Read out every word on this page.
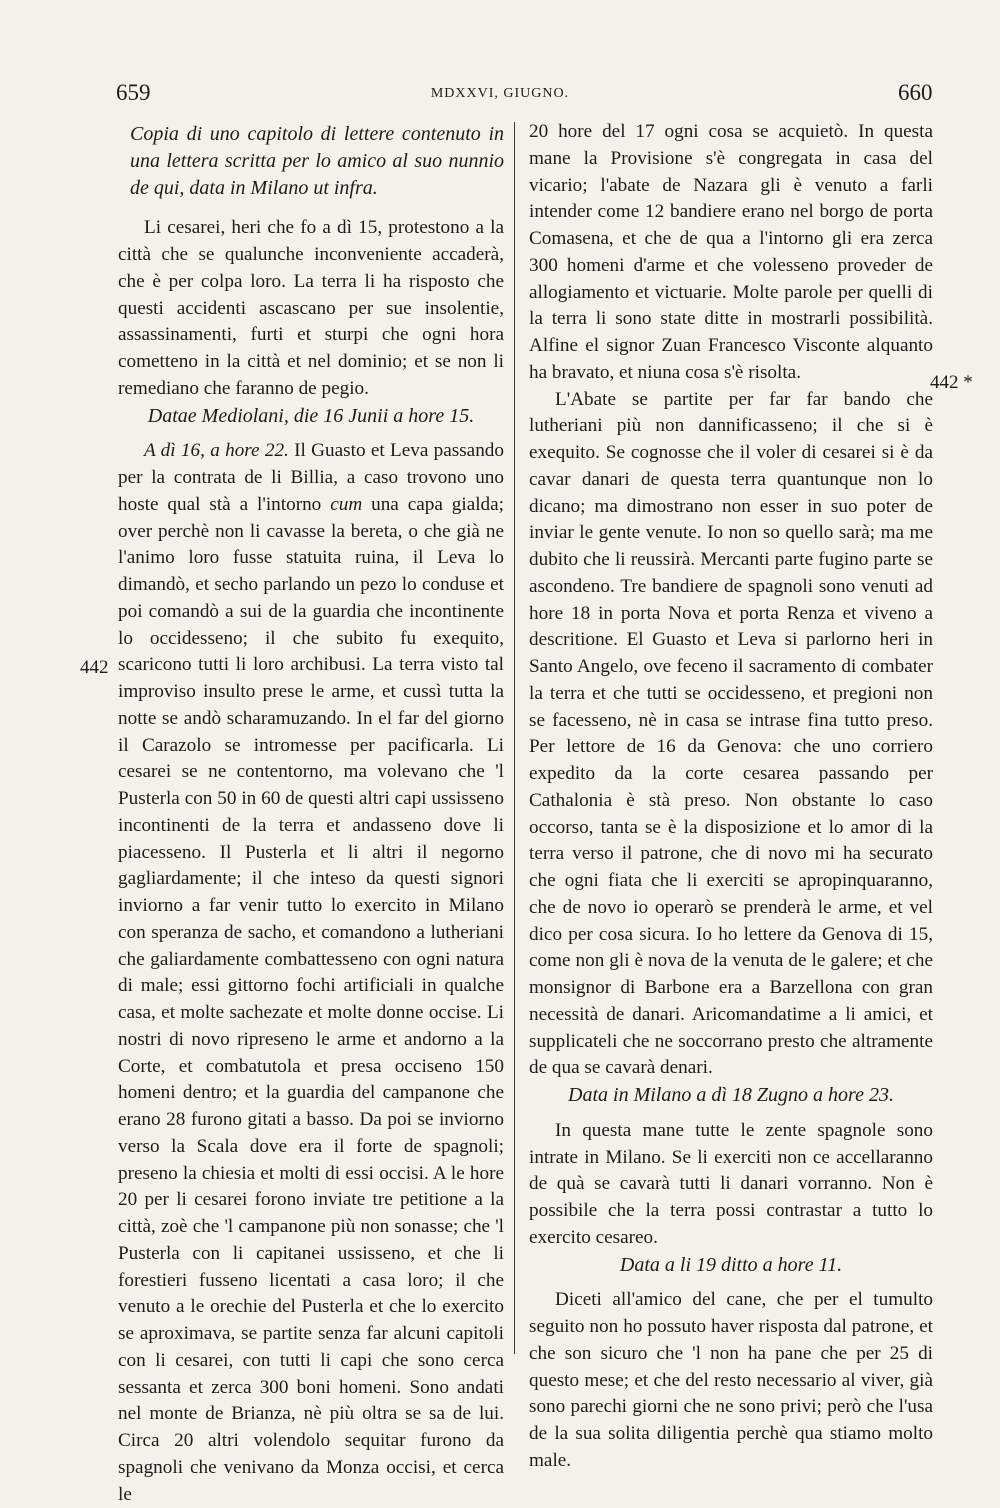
659	MDXXVI, GIUGNO.	660
442
442 *

Copia di uno capitolo di lettere contenuto in una lettera scritta per lo amico al suo nunnio de qui, data in Milano ut infra.

Li cesarei, heri che fo a dì 15, protestono a la città che se qualunche inconveniente accaderà, che è per colpa loro. La terra li ha risposto che questi accidenti ascascano per sue insolentie, assassinamenti, furti et sturpi che ogni hora cometteno in la città et nel dominio; et se non li remediano che faranno de pegio.

Datae Mediolani, die 16 Junii a hore 15.

A dì 16, a hore 22. Il Guasto et Leva passando per la contrata de li Billia, a caso trovono uno hoste qual stà a l'intorno cum una capa gialda; over perchè non li cavasse la bereta, o che già ne l'animo loro fusse statuita ruina, il Leva lo dimandò, et secho parlando un pezo lo conduse et poi comandò a sui de la guardia che incontinente lo occidesseno; il che subito fu exequito, scariconо tutti li loro archibusi. La terra visto tal improviso insulto prese le arme, et cussì tutta la notte se andò scharamuzando. In el far del giorno il Carazolo se intromesse per pacificarla. Li cesarei se ne contentorno, ma volevano che 'l Pusterla con 50 in 60 de questi altri capi ussisseno incontinenti de la terra et andasseno dove li piacesseno. Il Pusterla et li altri il negorno gagliardamente; il che inteso da questi signori inviorno a far venir tutto lo exercito in Milano con speranza de sacho, et comandono a lutheriani che galiardamente combattesseno con ogni natura di male; essi gittorno fochi artificiali in qualche casa, et molte sachezate et molte donne occise. Li nostri di novo ripreseno le arme et andorno a la Corte, et combatutola et presa occiseno 150 homeni dentro; et la guardia del campanone che erano 28 furono gitati a basso. Da poi se inviorno verso la Scala dove era il forte de spagnoli; preseno la chiesia et molti di essi occisi. A le hore 20 per li cesarei forono inviate tre petitione a la città, zoè che 'l campanone più non sonasse; che 'l Pusterla con li capitanei ussisseno, et che li forestieri fusseno licentati a casa loro; il che venuto a le orechie del Pusterla et che lo exercito se aproximava, se partite senza far alcuni capitoli con li cesarei, con tutti li capi che sono cerca sessanta et zerca 300 boni homeni. Sono andati nel monte de Brianza, nè più oltra se sa de lui. Circa 20 altri volendolo sequitar furono da spagnoli che venivano da Monza occisi, et cerca le

20 hore del 17 ogni cosa se acquietò. In questa mane la Provisione s'è congregata in casa del vicario; l'abate de Nazara gli è venuto a farli intender come 12 bandiere erano nel borgo de porta Comasena, et che de qua a l'intorno gli era zerca 300 homeni d'arme et che volesseno proveder de allogiamento et victuarie. Molte parole per quelli di la terra li sono state ditte in mostrarli possibilità. Alfine el signor Zuan Francesco Visconte alquanto ha bravato, et niuna cosa s'è risolta.

L'Abate se partite per far far bando che lutheriani più non dannificasseno; il che si è exequito. Se cognosse che il voler di cesarei si è da cavar danari de questa terra quantunque non lo dicano; ma dimostrano non esser in suo poter de inviar le gente venute. Io non so quello sarà; ma me dubito che li reussirà. Mercanti parte fugino parte se ascondeno. Tre bandiere de spagnoli sono venuti ad hore 18 in porta Nova et porta Renza et viveno a descritione. El Guasto et Leva si parlorno heri in Santo Angelo, ove feceno il sacramento di combater la terra et che tutti se occidesseno, et pregioni non se facesseno, nè in casa se intrase fina tutto preso. Per lettore de 16 da Genova: che uno corriero expedito da la corte cesarea passando per Cathalonia è stà preso. Non obstante lo caso occorso, tanta se è la disposizione et lo amor di la terra verso il patrone, che di novo mi ha securato che ogni fiata che li exerciti se apropinquaranno, che de novo io operarò se prenderà le arme, et vel dico per cosa sicura. Io ho lettere da Genova di 15, come non gli è nova de la venuta de le galere; et che monsignor di Barbone era a Barzellona con gran necessità de danari. Aricomandatime a li amici, et supplicateli che ne soccorrano presto che altramente de qua se cavarà denari.

Data in Milano a dì 18 Zugno a hore 23.

In questa mane tutte le zente spagnole sono intrate in Milano. Se li exerciti non ce accellaranno de quà se cavarà tutti li danari vorranno. Non è possibile che la terra possi contrastar a tutto lo exercito cesareo.

Data a li 19 ditto a hore 11.

Diceti all'amico del cane, che per el tumulto seguito non ho possuto haver risposta dal patrone, et che son sicuro che 'l non ha pane che per 25 di questo mese; et che del resto necessario al viver, già sono parechi giorni che ne sono privi; però che l'usa de la sua solita diligentia perchè qua stiamo molto male.
